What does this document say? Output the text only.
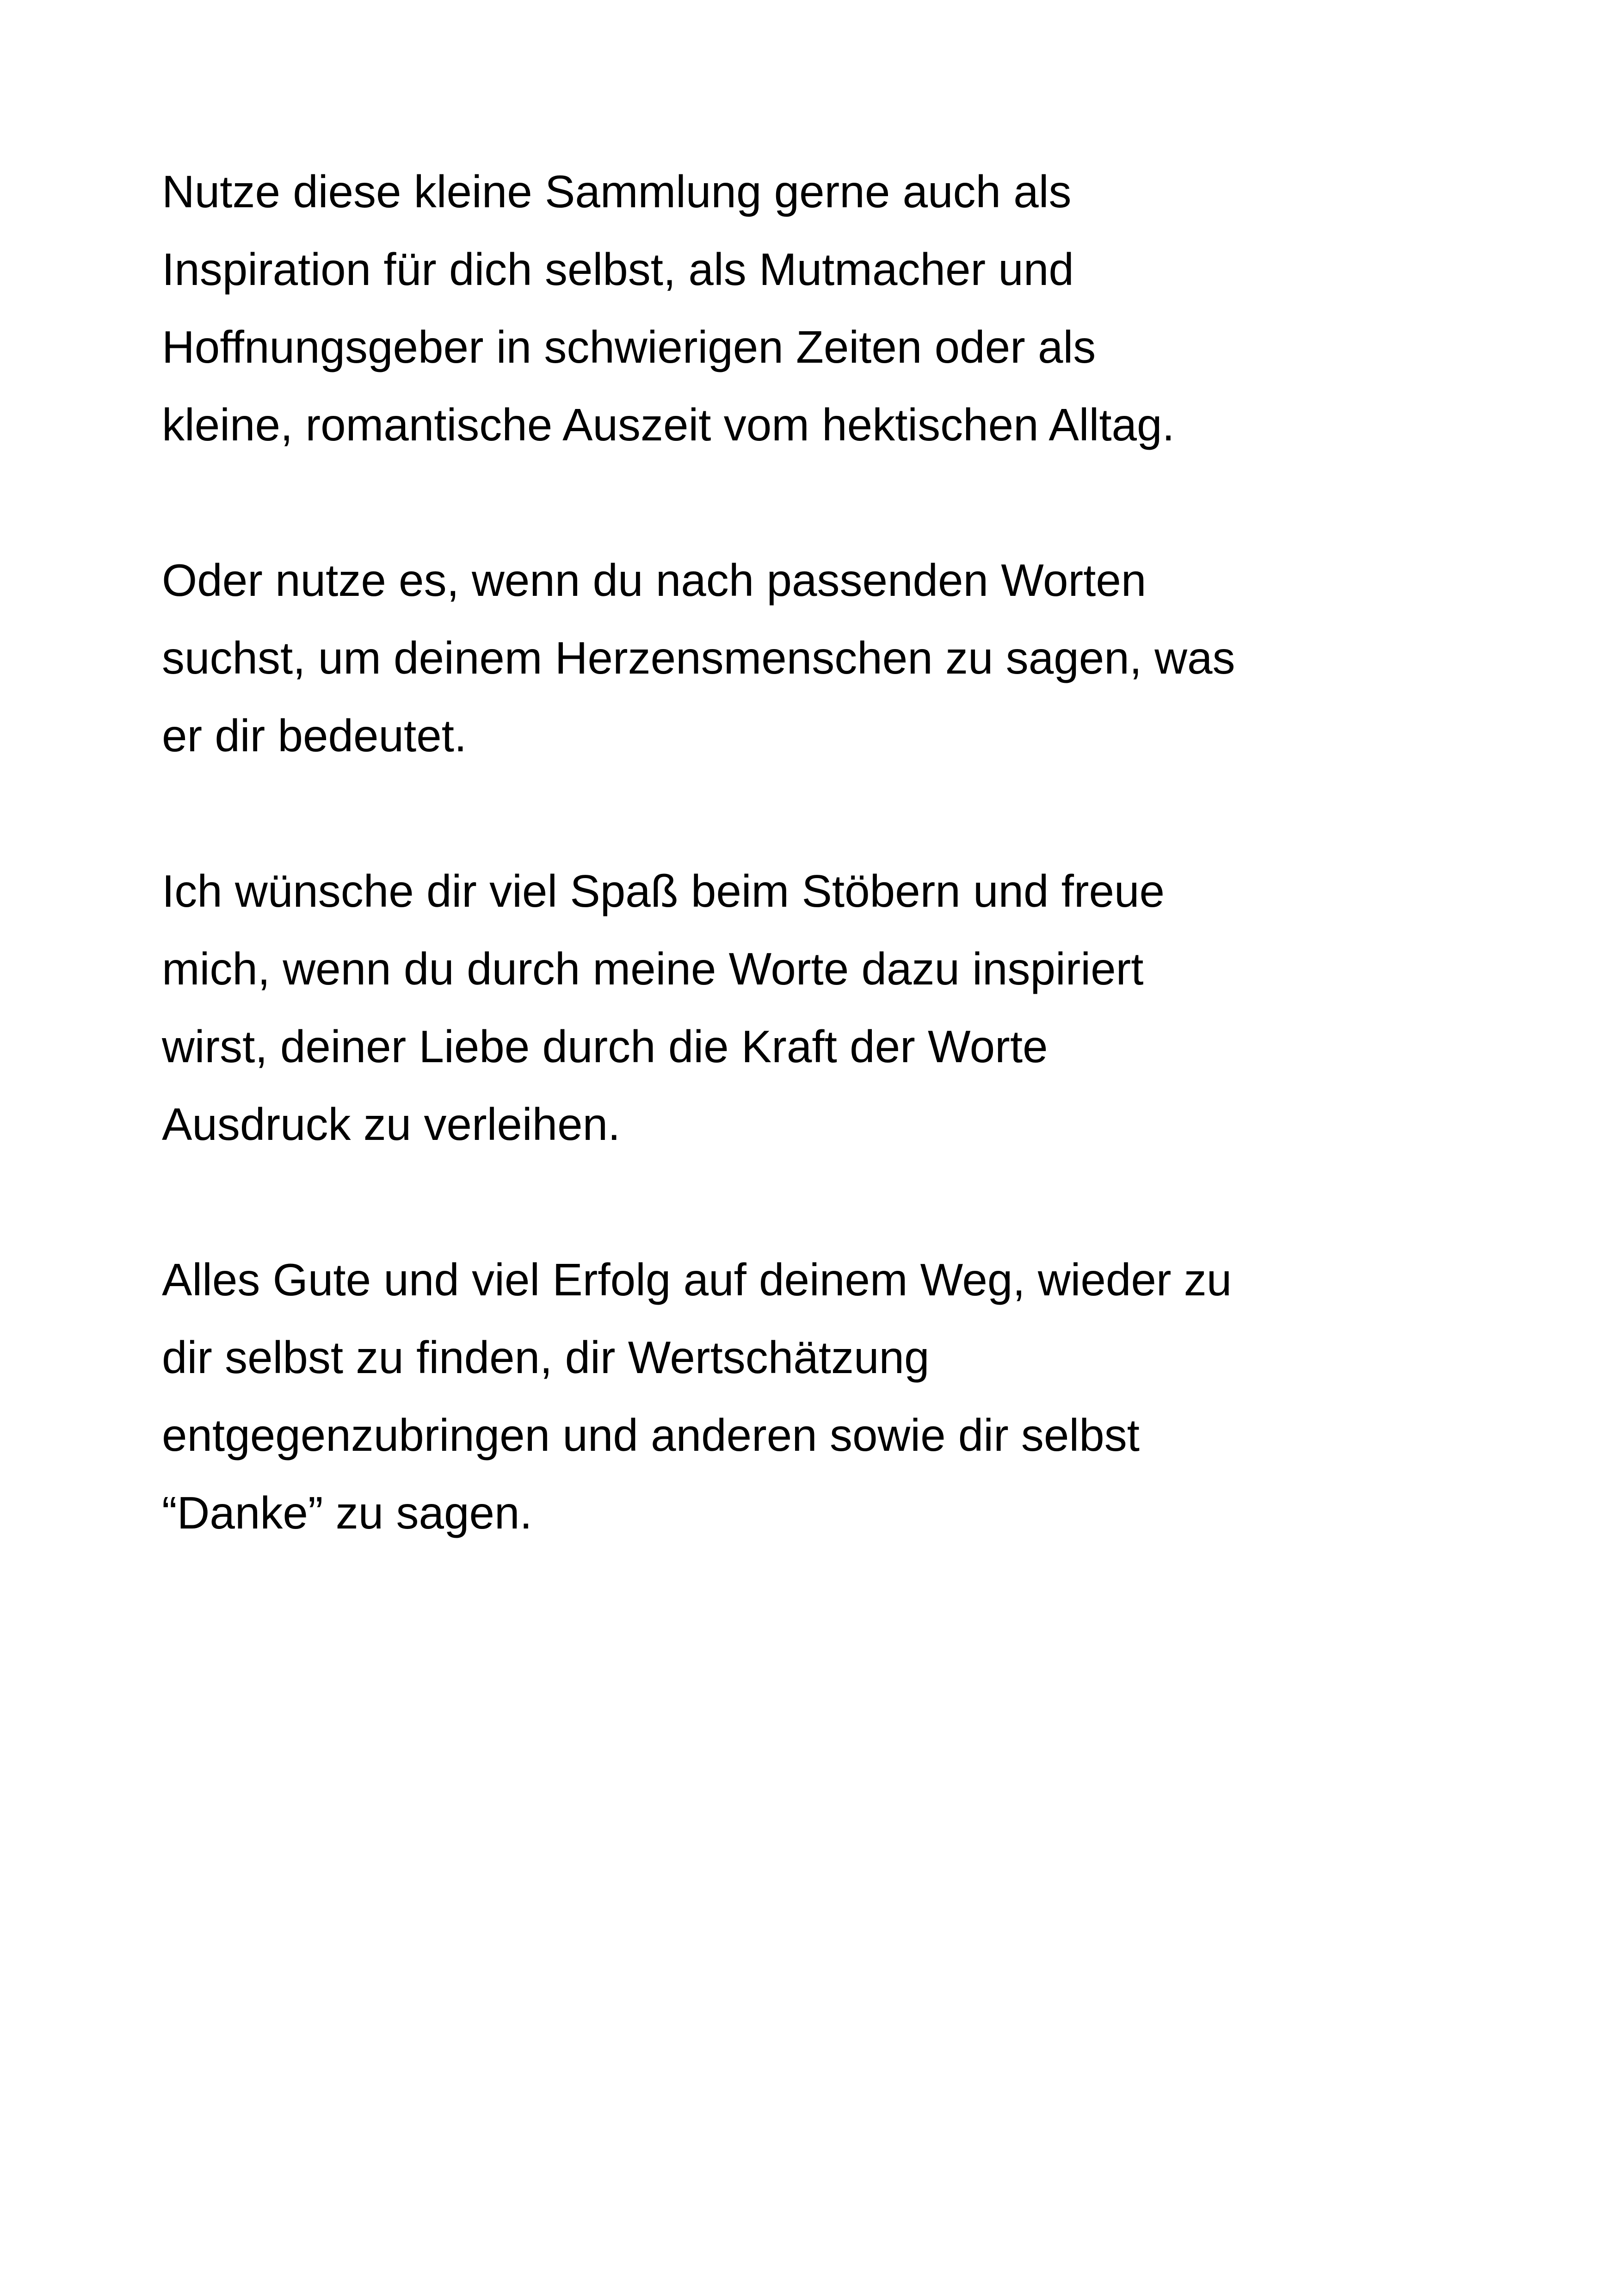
Nutze diese kleine Sammlung gerne auch als
Inspiration für dich selbst, als Mutmacher und
Hoffnungsgeber in schwierigen Zeiten oder als
kleine, romantische Auszeit vom hektischen Alltag.

Oder nutze es, wenn du nach passenden Worten
suchst, um deinem Herzensmenschen zu sagen, was
er dir bedeutet.

Ich wünsche dir viel Spaß beim Stöbern und freue
mich, wenn du durch meine Worte dazu inspiriert
wirst, deiner Liebe durch die Kraft der Worte
Ausdruck zu verleihen.

Alles Gute und viel Erfolg auf deinem Weg, wieder zu
dir selbst zu finden, dir Wertschätzung
entgegenzubringen und anderen sowie dir selbst
“Danke” zu sagen.
